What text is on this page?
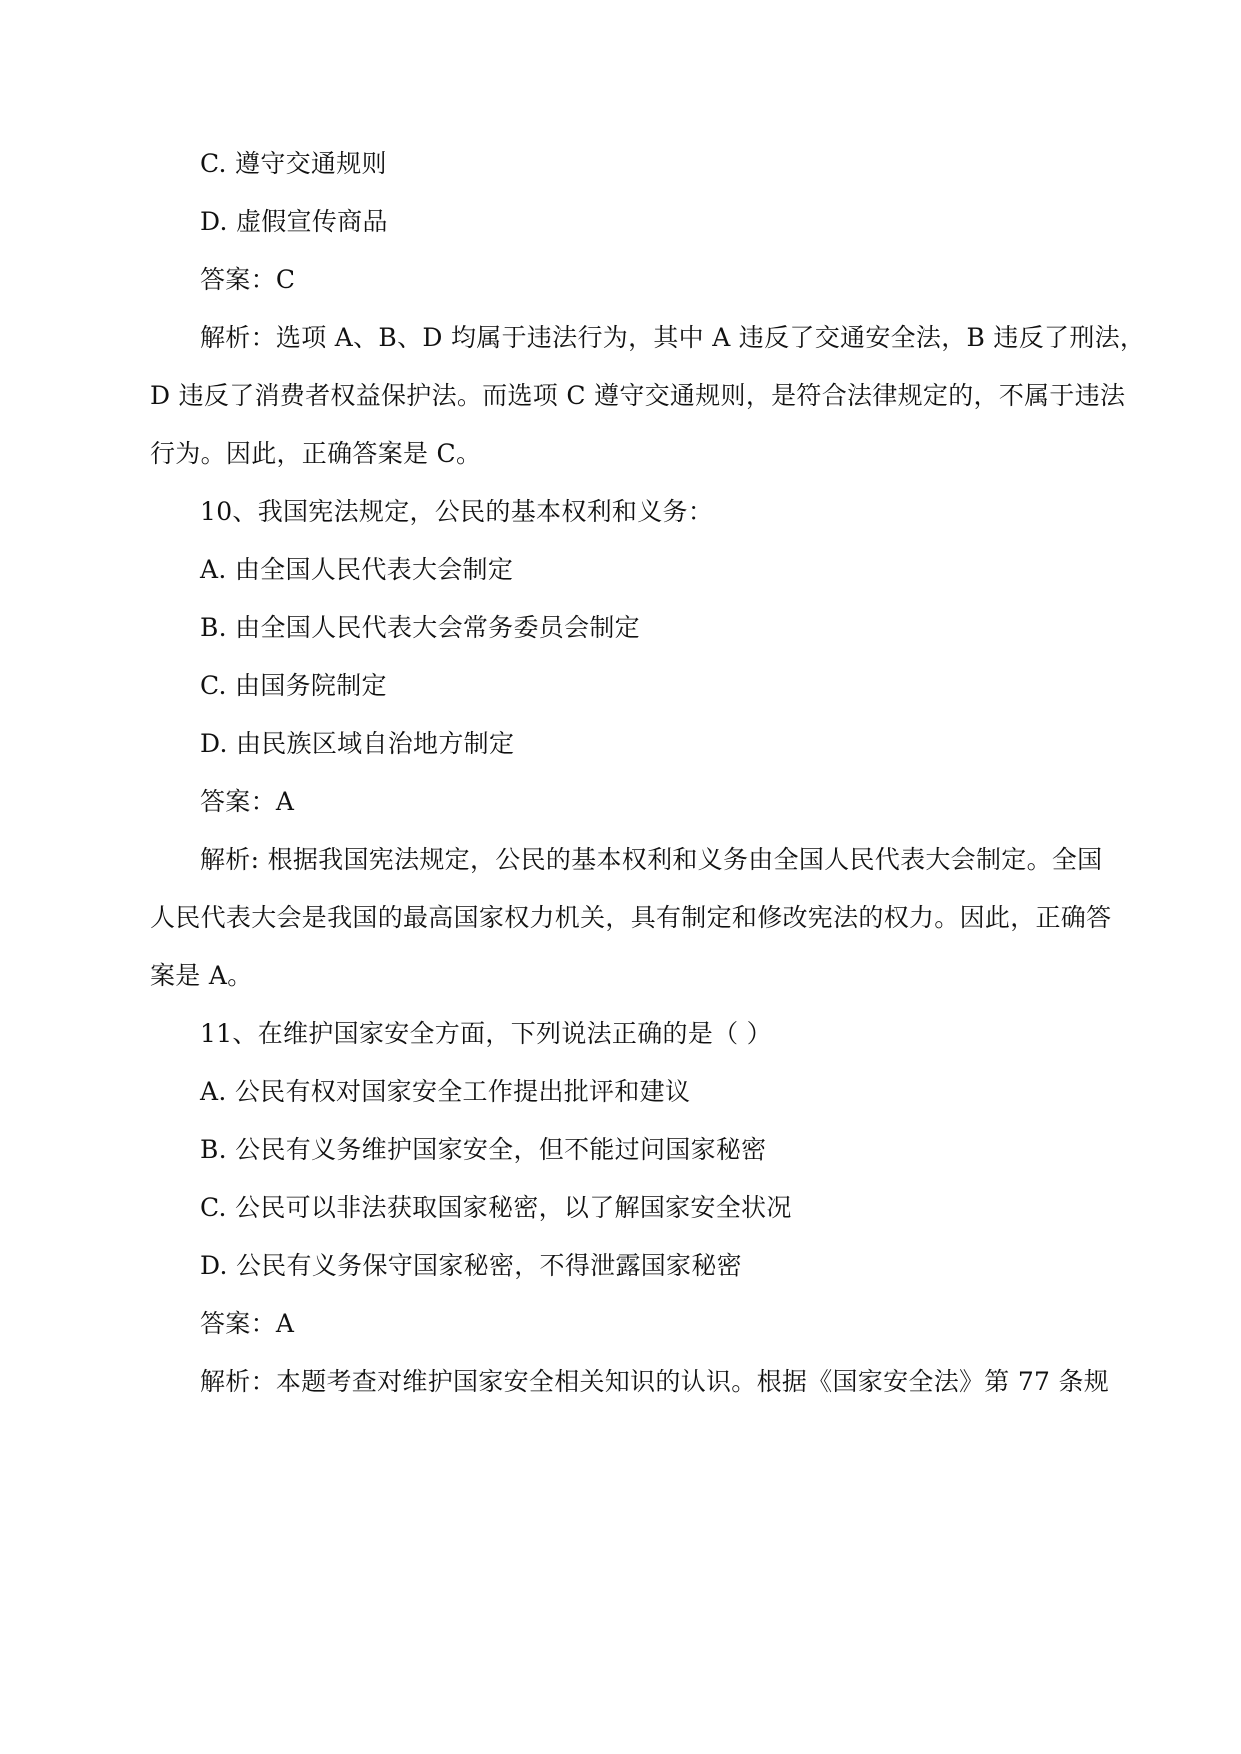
C. 遵守交通规则
D. 虚假宣传商品
答案：C
解析：选项 A、B、D 均属于违法行为，其中 A 违反了交通安全法，B 违反了刑法，
D 违反了消费者权益保护法。而选项 C 遵守交通规则，是符合法律规定的，不属于违法
行为。因此，正确答案是 C。
10、我国宪法规定，公民的基本权利和义务：
A. 由全国人民代表大会制定
B. 由全国人民代表大会常务委员会制定
C. 由国务院制定
D. 由民族区域自治地方制定
答案：A
解析: 根据我国宪法规定，公民的基本权利和义务由全国人民代表大会制定。全国
人民代表大会是我国的最高国家权力机关，具有制定和修改宪法的权力。因此，正确答
案是 A。
11、在维护国家安全方面，下列说法正确的是（ ）
A. 公民有权对国家安全工作提出批评和建议
B. 公民有义务维护国家安全，但不能过问国家秘密
C. 公民可以非法获取国家秘密，以了解国家安全状况
D. 公民有义务保守国家秘密，不得泄露国家秘密
答案：A
解析：本题考查对维护国家安全相关知识的认识。根据《国家安全法》第 77 条规
